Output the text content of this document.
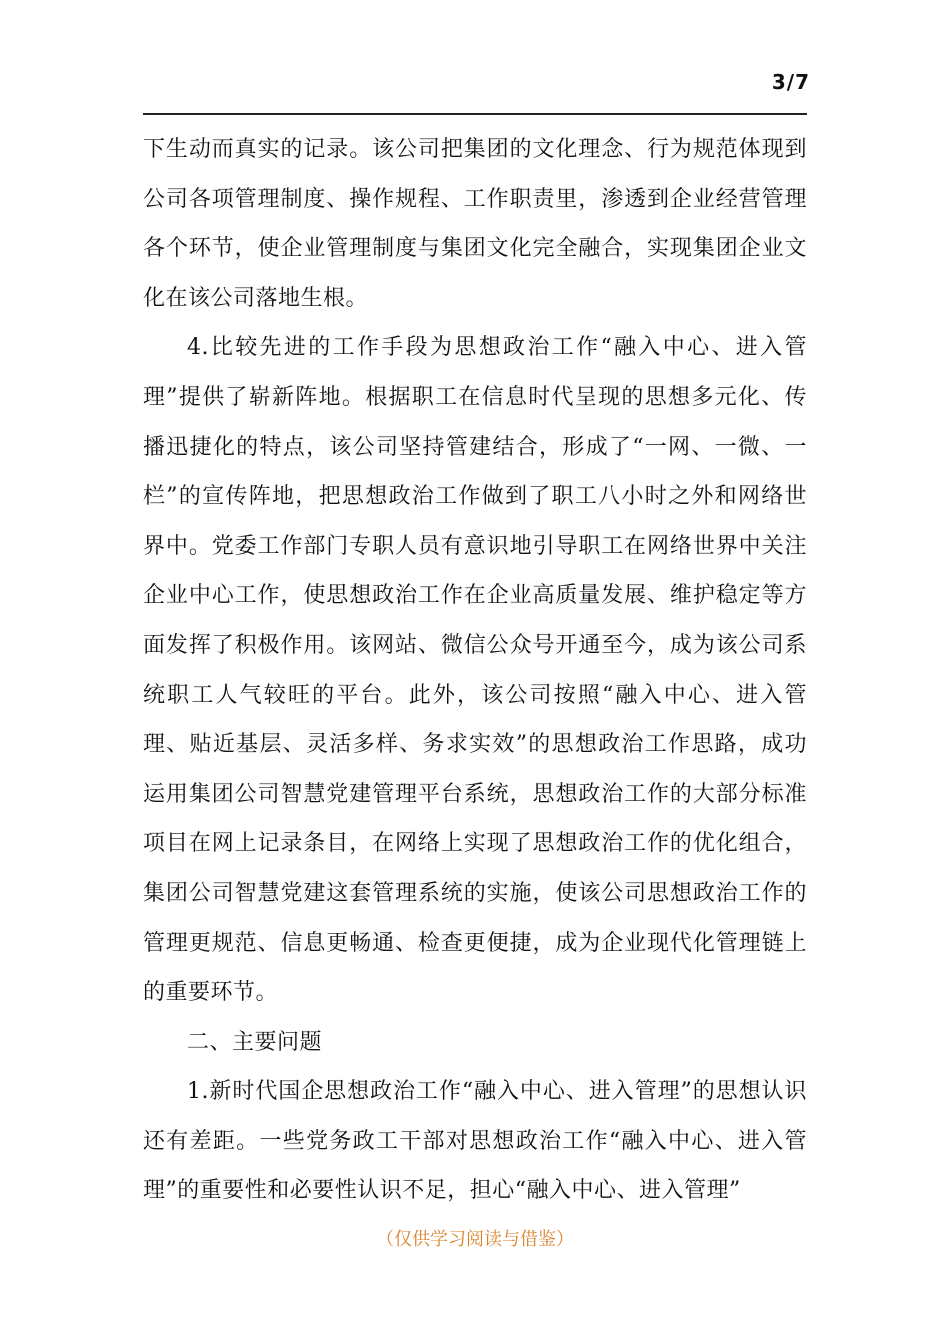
3/7

下生动而真实的记录。该公司把集团的文化理念、行为规范体现到公司各项管理制度、操作规程、工作职责里，渗透到企业经营管理各个环节，使企业管理制度与集团文化完全融合，实现集团企业文化在该公司落地生根。

4.比较先进的工作手段为思想政治工作“融入中心、进入管理”提供了崭新阵地。根据职工在信息时代呈现的思想多元化、传播迅捷化的特点，该公司坚持管建结合，形成了“一网、一微、一栏”的宣传阵地，把思想政治工作做到了职工八小时之外和网络世界中。党委工作部门专职人员有意识地引导职工在网络世界中关注企业中心工作，使思想政治工作在企业高质量发展、维护稳定等方面发挥了积极作用。该网站、微信公众号开通至今，成为该公司系统职工人气较旺的平台。此外，该公司按照“融入中心、进入管理、贴近基层、灵活多样、务求实效”的思想政治工作思路，成功运用集团公司智慧党建管理平台系统，思想政治工作的大部分标准项目在网上记录条目，在网络上实现了思想政治工作的优化组合，集团公司智慧党建这套管理系统的实施，使该公司思想政治工作的管理更规范、信息更畅通、检查更便捷，成为企业现代化管理链上的重要环节。

二、主要问题

1.新时代国企思想政治工作“融入中心、进入管理”的思想认识还有差距。一些党务政工干部对思想政治工作“融入中心、进入管理”的重要性和必要性认识不足，担心“融入中心、进入管理”

（仅供学习阅读与借鉴）
